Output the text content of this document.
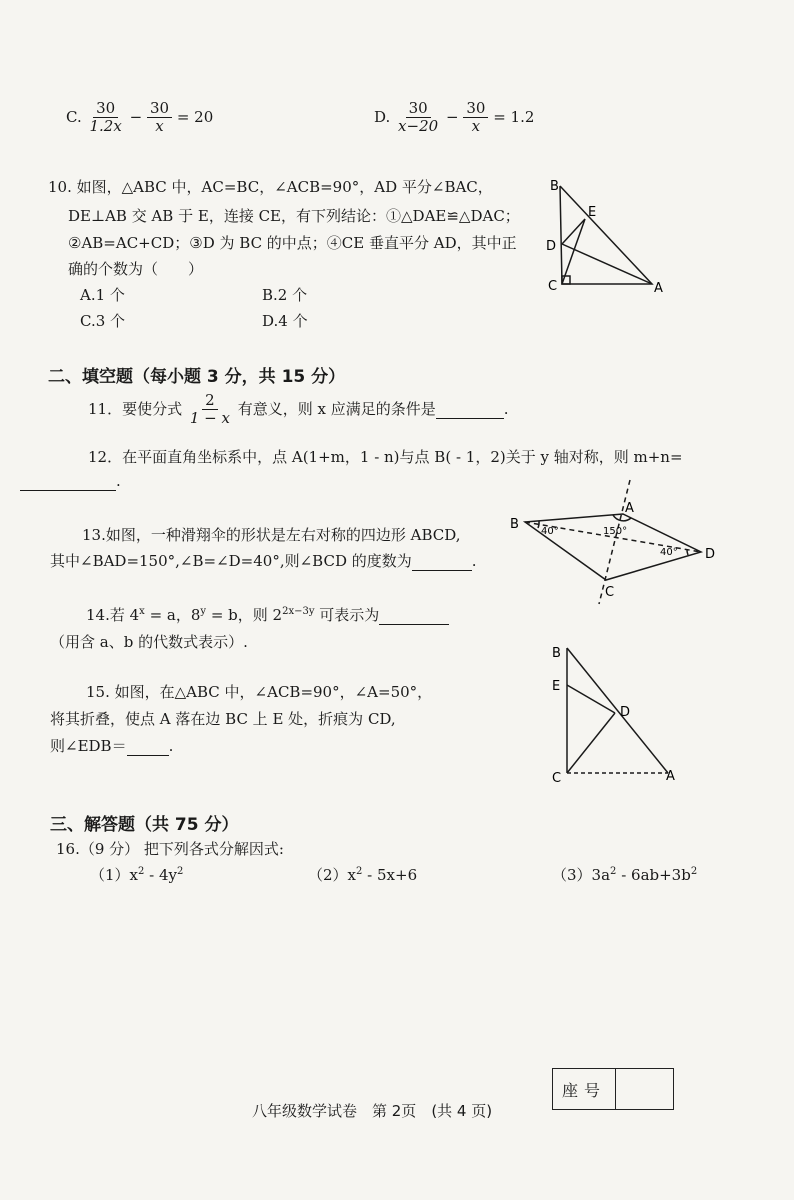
C. $\frac{30}{1.2x} - \frac{30}{x} = 20$	D. $\frac{30}{x-20} - \frac{30}{x} = 1.2$
10. 如图，△ABC 中，AC=BC，∠ACB=90°，AD 平分∠BAC，
DE⊥AB 交 AB 于 E，连接 CE，有下列结论：①△DAE≌△DAC；
②AB=AC+CD；③D 为 BC 的中点；④CE 垂直平分 AD，其中正
确的个数为（　　）
A.1 个	B.2 个
C.3 个	D.4 个
B
E
D
C	A
二、填空题（每小题 3 分，共 15 分）
11．要使分式 $\frac{2}{1 - x}$ 有意义，则 x 应满足的条件是	.
12．在平面直角坐标系中，点 A(1+m，1 - n)与点 B( - 1，2)关于 y 轴对称，则 m+n=
.
13.如图，一种滑翔伞的形状是左右对称的四边形 ABCD,
其中∠BAD=150°,∠B=∠D=40°,则∠BCD 的度数为	.
B
A
D
C
150°
40°
40°
14.若 $4^x = a$，$8^y = b$，则 $2^{2x-3y}$ 可表示为
（用含 a、b 的代数式表示）.
15. 如图，在△ABC 中，∠ACB=90°，∠A=50°，
将其折叠，使点 A 落在边 BC 上 E 处，折痕为 CD,
则∠EDB＝	.
B
E
D
C	A
三、解答题（共 75 分）
16.（9 分） 把下列各式分解因式:
$(1)x^2 - 4y^2$	$(2)x^2 - 5x+6$	$(3)3a^2 - 6ab+3b^2$
座号
八年级数学试卷　第 2页　(共 4 页)
